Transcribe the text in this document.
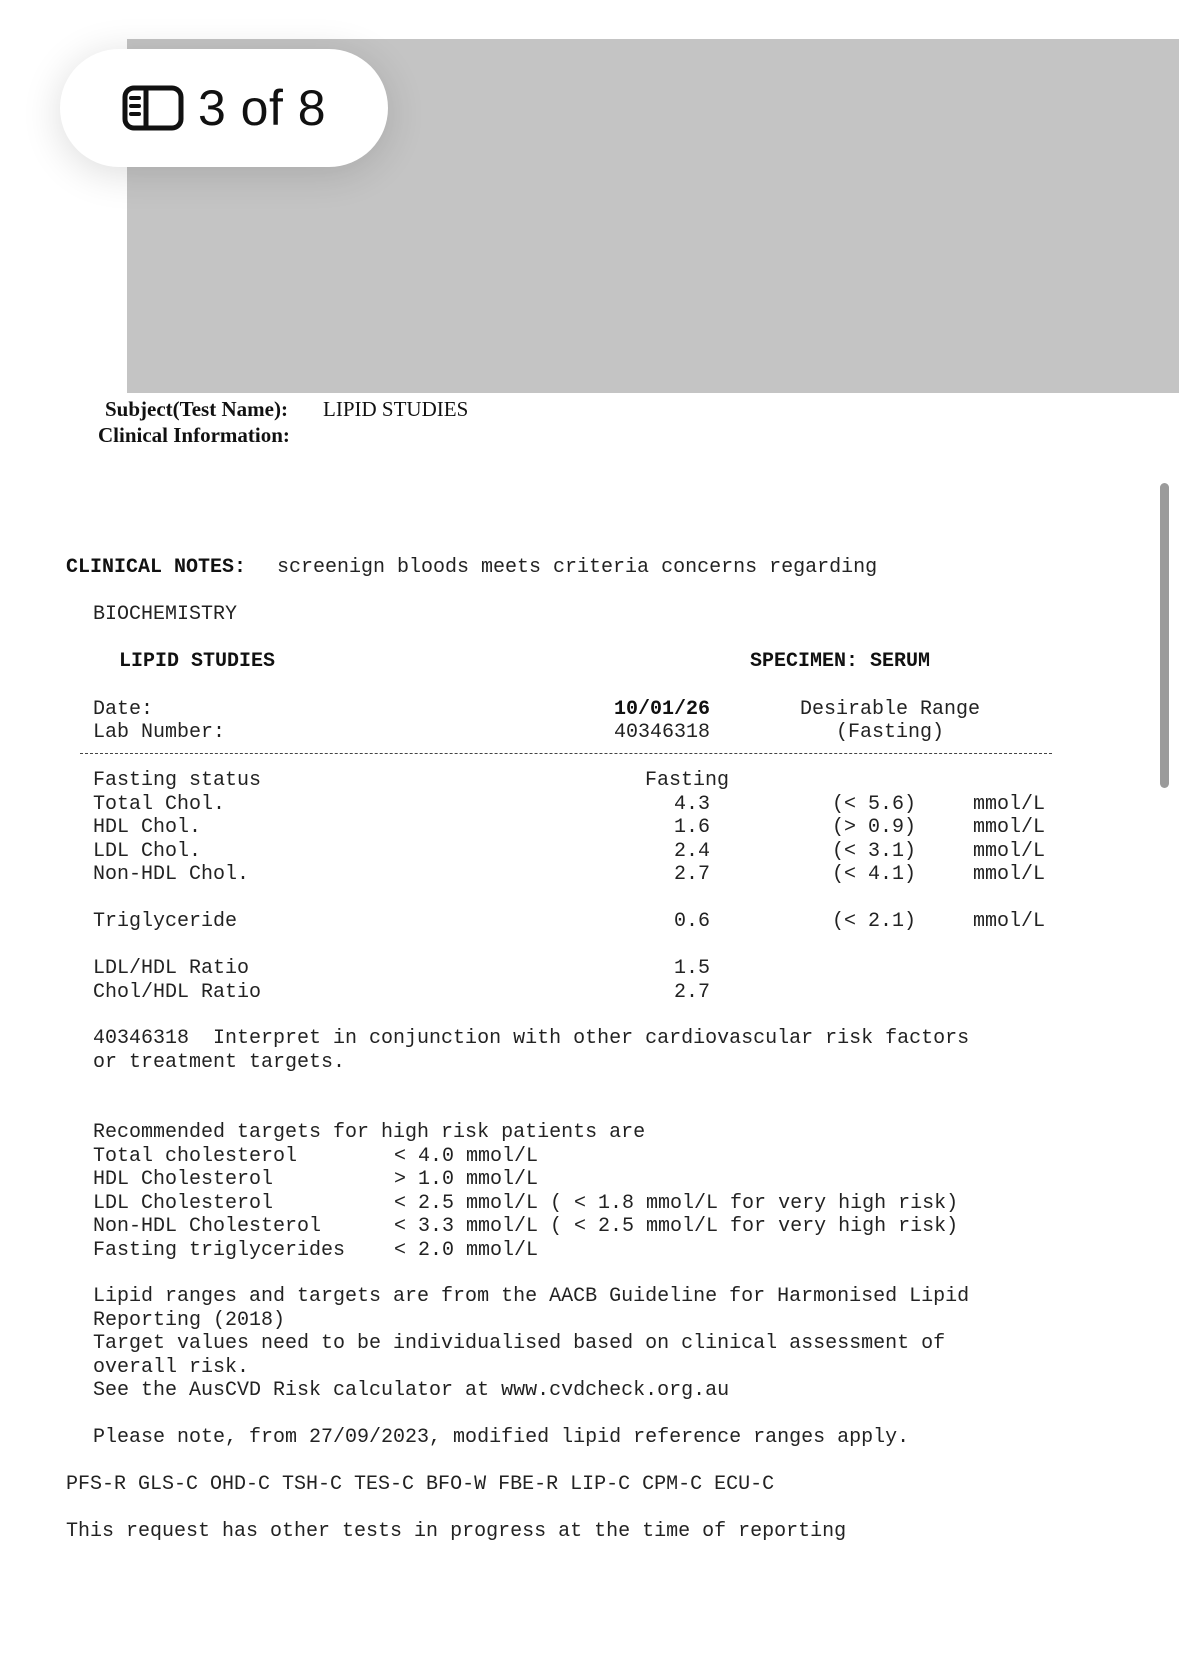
3 of 8
Subject(Test Name): LIPID STUDIES
Clinical Information:
CLINICAL NOTES: screenign bloods meets criteria concerns regarding
BIOCHEMISTRY
LIPID STUDIES	SPECIMEN: SERUM
Date:
Lab Number:
10/01/26
40346318
Desirable Range
(Fasting)
Fasting status
Total Chol.
HDL Chol.
LDL Chol.
Non-HDL Chol.
Triglyceride
LDL/HDL Ratio
Chol/HDL Ratio
Fasting
4.3
1.6
2.4
2.7
0.6
1.5
2.7
(< 5.6)
(> 0.9)
(< 3.1)
(< 4.1)
(< 2.1)
mmol/L
mmol/L
mmol/L
mmol/L
mmol/L
40346318  Interpret in conjunction with other cardiovascular risk factors
or treatment targets.
Recommended targets for high risk patients are
Total cholesterol
HDL Cholesterol
LDL Cholesterol
Non-HDL Cholesterol
Fasting triglycerides
< 4.0 mmol/L
> 1.0 mmol/L
< 2.5 mmol/L ( < 1.8 mmol/L for very high risk)
< 3.3 mmol/L ( < 2.5 mmol/L for very high risk)
< 2.0 mmol/L
Lipid ranges and targets are from the AACB Guideline for Harmonised Lipid
Reporting (2018)
Target values need to be individualised based on clinical assessment of
overall risk.
See the AusCVD Risk calculator at www.cvdcheck.org.au
Please note, from 27/09/2023, modified lipid reference ranges apply.
PFS-R GLS-C OHD-C TSH-C TES-C BFO-W FBE-R LIP-C CPM-C ECU-C
This request has other tests in progress at the time of reporting
